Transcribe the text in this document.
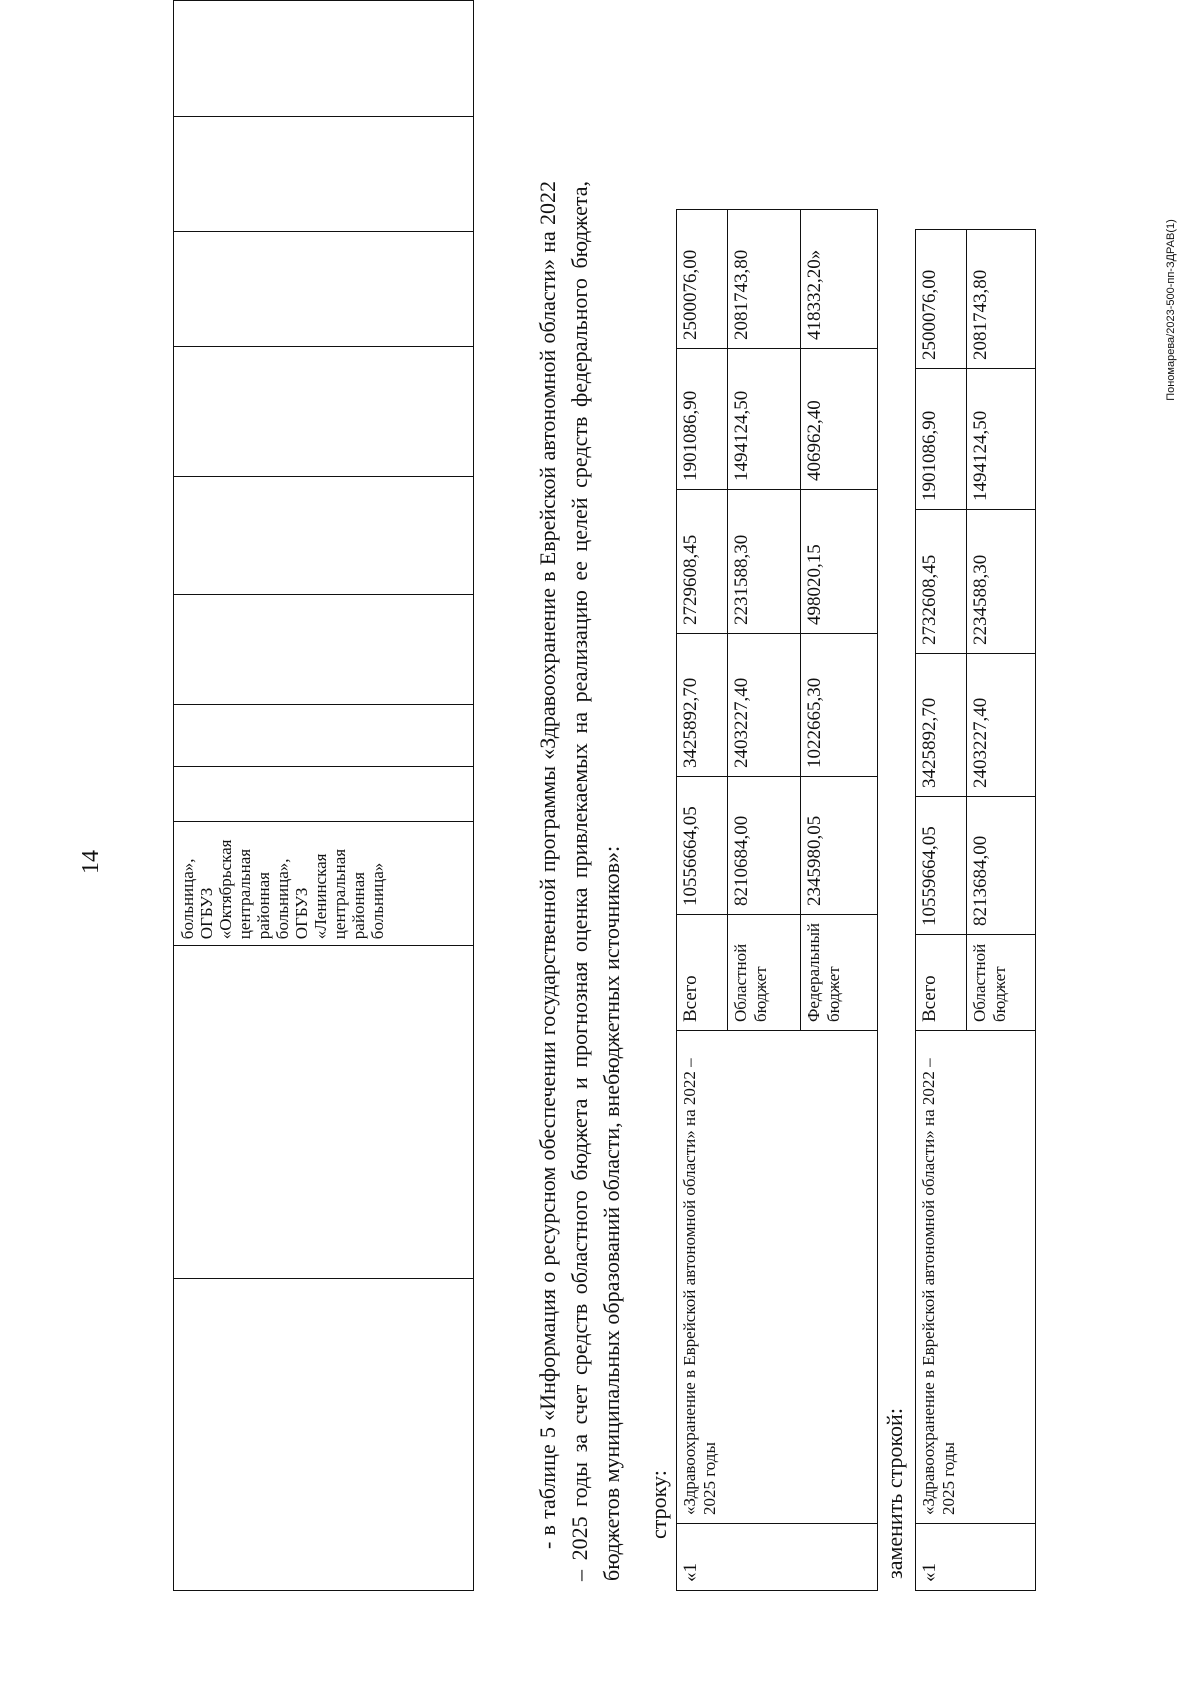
14
			больница», ОГБУЗ «Октябрьская центральная районная больница», ОГБУЗ «Ленинская центральная районная больница»									- в таблице 5 «Информация о ресурсном обеспечении государственной программы «Здравоохранение в Еврейской автономной области» на 2022 – 2025 годы за счет средств областного бюджета и прогнозная оценка привлекаемых на реализацию ее целей средств федерального бюджета, бюджетов муниципальных образований области, внебюджетных источников»: строку:
«1	«Здравоохранение в Еврейской автономной области» на 2022 – 2025 годы	Всего	10556664,05	3425892,70	2729608,45	1901086,90	2500076,00
		Областной бюджет	8210684,00	2403227,40	2231588,30	1494124,50	2081743,80
		Федеральный бюджет	2345980,05	1022665,30	498020,15	406962,40	418332,20»
заменить строкой: «1	«Здравоохранение в Еврейской автономной области» на 2022 – 2025 годы	Всего	10559664,05	3425892,70	2732608,45	1901086,90	2500076,00
		Областной бюджет	8213684,00	2403227,40	2234588,30	1494124,50	2081743,80	Пономарева/2023-500-пп-ЗДРАВ(1)
